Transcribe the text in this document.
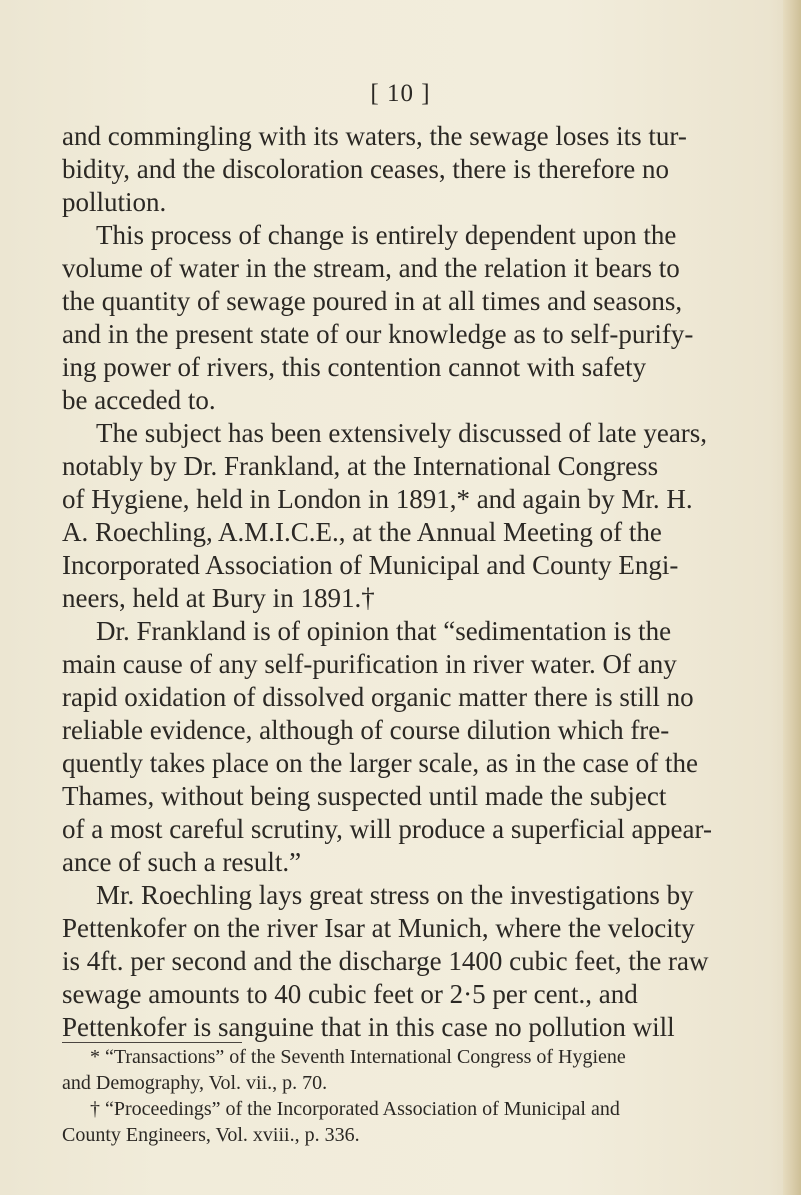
[ 10 ]
and commingling with its waters, the sewage loses its tur-
bidity, and the discoloration ceases, there is therefore no
pollution.
This process of change is entirely dependent upon the
volume of water in the stream, and the relation it bears to
the quantity of sewage poured in at all times and seasons,
and in the present state of our knowledge as to self-purify-
ing power of rivers, this contention cannot with safety
be acceded to.
The subject has been extensively discussed of late years,
notably by Dr. Frankland, at the International Congress
of Hygiene, held in London in 1891,* and again by Mr. H.
A. Roechling, A.M.I.C.E., at the Annual Meeting of the
Incorporated Association of Municipal and County Engi-
neers, held at Bury in 1891.†
Dr. Frankland is of opinion that “sedimentation is the
main cause of any self-purification in river water. Of any
rapid oxidation of dissolved organic matter there is still no
reliable evidence, although of course dilution which fre-
quently takes place on the larger scale, as in the case of the
Thames, without being suspected until made the subject
of a most careful scrutiny, will produce a superficial appear-
ance of such a result.”
Mr. Roechling lays great stress on the investigations by
Pettenkofer on the river Isar at Munich, where the velocity
is 4ft. per second and the discharge 1400 cubic feet, the raw
sewage amounts to 40 cubic feet or 2·5 per cent., and
Pettenkofer is sanguine that in this case no pollution will
* “Transactions” of the Seventh International Congress of Hygiene
and Demography, Vol. vii., p. 70.
† “Proceedings” of the Incorporated Association of Municipal and
County Engineers, Vol. xviii., p. 336.
